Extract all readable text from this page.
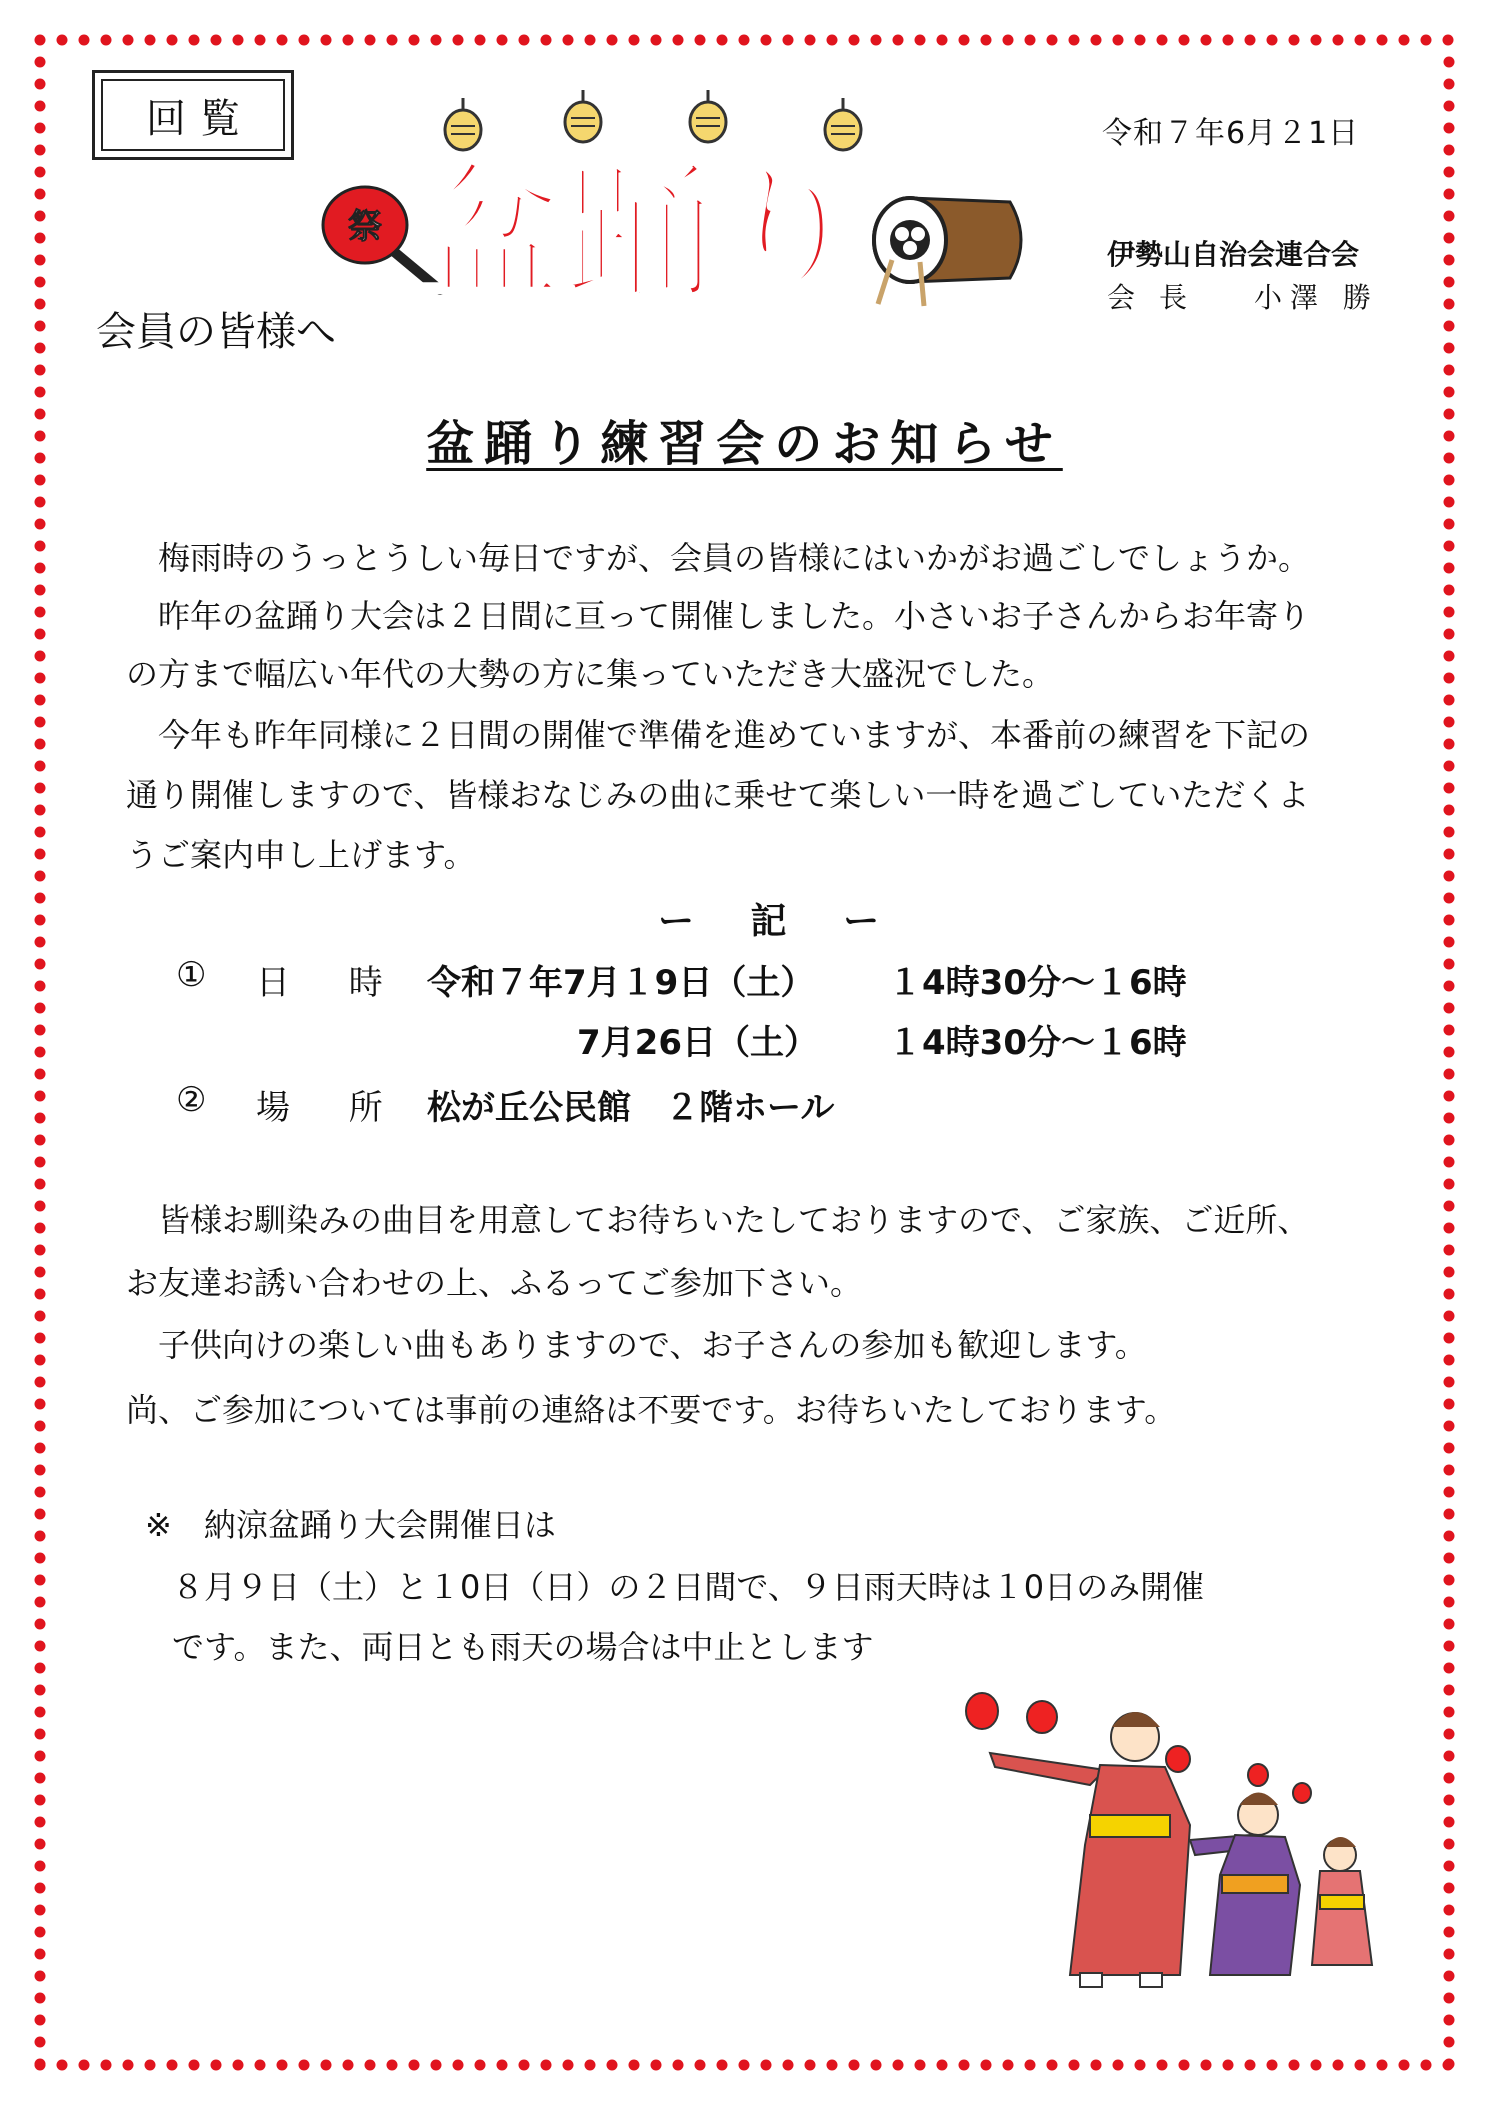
回覧	令和７年6月２1日
祭 盆踊り	伊勢山自治会連合会
会長 小澤 勝
会員の皆様へ
盆踊り練習会のお知らせ
梅雨時のうっとうしい毎日ですが、会員の皆様にはいかがお過ごしでしょうか。
昨年の盆踊り大会は２日間に亘って開催しました。小さいお子さんからお年寄り
の方まで幅広い年代の大勢の方に集っていただき大盛況でした。
今年も昨年同様に２日間の開催で準備を進めていますが、本番前の練習を下記の
通り開催しますので、皆様おなじみの曲に乗せて楽しい一時を過ごしていただくよ
うご案内申し上げます。
ー 記 ー
① 日 時 令和７年7月１9日（土） １4時30分～１6時
7月26日（土） １4時30分～１6時
② 場 所 松が丘公民館　２階ホール
皆様お馴染みの曲目を用意してお待ちいたしておりますので、ご家族、ご近所、
お友達お誘い合わせの上、ふるってご参加下さい。
子供向けの楽しい曲もありますので、お子さんの参加も歓迎します。
尚、ご参加については事前の連絡は不要です。お待ちいたしております。
※　納涼盆踊り大会開催日は
８月９日（土）と１0日（日）の２日間で、９日雨天時は１0日のみ開催
です。また、両日とも雨天の場合は中止とします
